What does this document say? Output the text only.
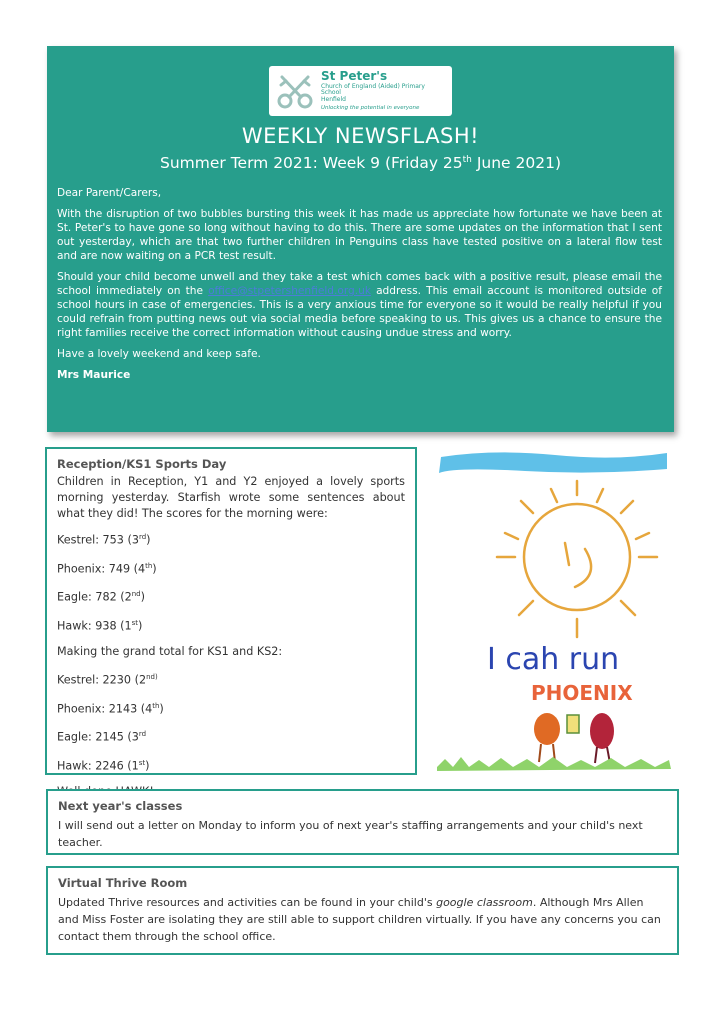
St Peter's
Church of England (Aided) Primary School
Henfield
Unlocking the potential in everyone
WEEKLY NEWSFLASH!
Summer Term 2021: Week 9 (Friday 25th June 2021)

Dear Parent/Carers,

With the disruption of two bubbles bursting this week it has made us appreciate how fortunate we have been at St. Peter's to have gone so long without having to do this. There are some updates on the information that I sent out yesterday, which are that two further children in Penguins class have tested positive on a lateral flow test and are now waiting on a PCR test result.

Should your child become unwell and they take a test which comes back with a positive result, please email the school immediately on the office@stpetershenfield.org.uk address. This email account is monitored outside of school hours in case of emergencies. This is a very anxious time for everyone so it would be really helpful if you could refrain from putting news out via social media before speaking to us. This gives us a chance to ensure the right families receive the correct information without causing undue stress and worry.

Have a lovely weekend and keep safe.

Mrs Maurice

Reception/KS1 Sports Day

Children in Reception, Y1 and Y2 enjoyed a lovely sports morning yesterday. Starfish wrote some sentences about what they did! The scores for the morning were:

Kestrel: 753 (3rd)

Phoenix: 749 (4th)

Eagle: 782 (2nd)

Hawk: 938 (1st)

Making the grand total for KS1 and KS2:

Kestrel: 2230 ($2^{nd)}$

Phoenix: 2143 (4th)

Eagle: 2145 (3rd

Hawk: 2246 (1st)

I cah run
PHOENIX
Next year's classes

I will send out a letter on Monday to inform you of next year's staffing arrangements and your child's next teacher.

Virtual Thrive Room

Updated Thrive resources and activities can be found in your child's google classroom. Although Mrs Allen and Miss Foster are isolating they are still able to support children virtually. If you have any concerns you can contact them through the school office.
